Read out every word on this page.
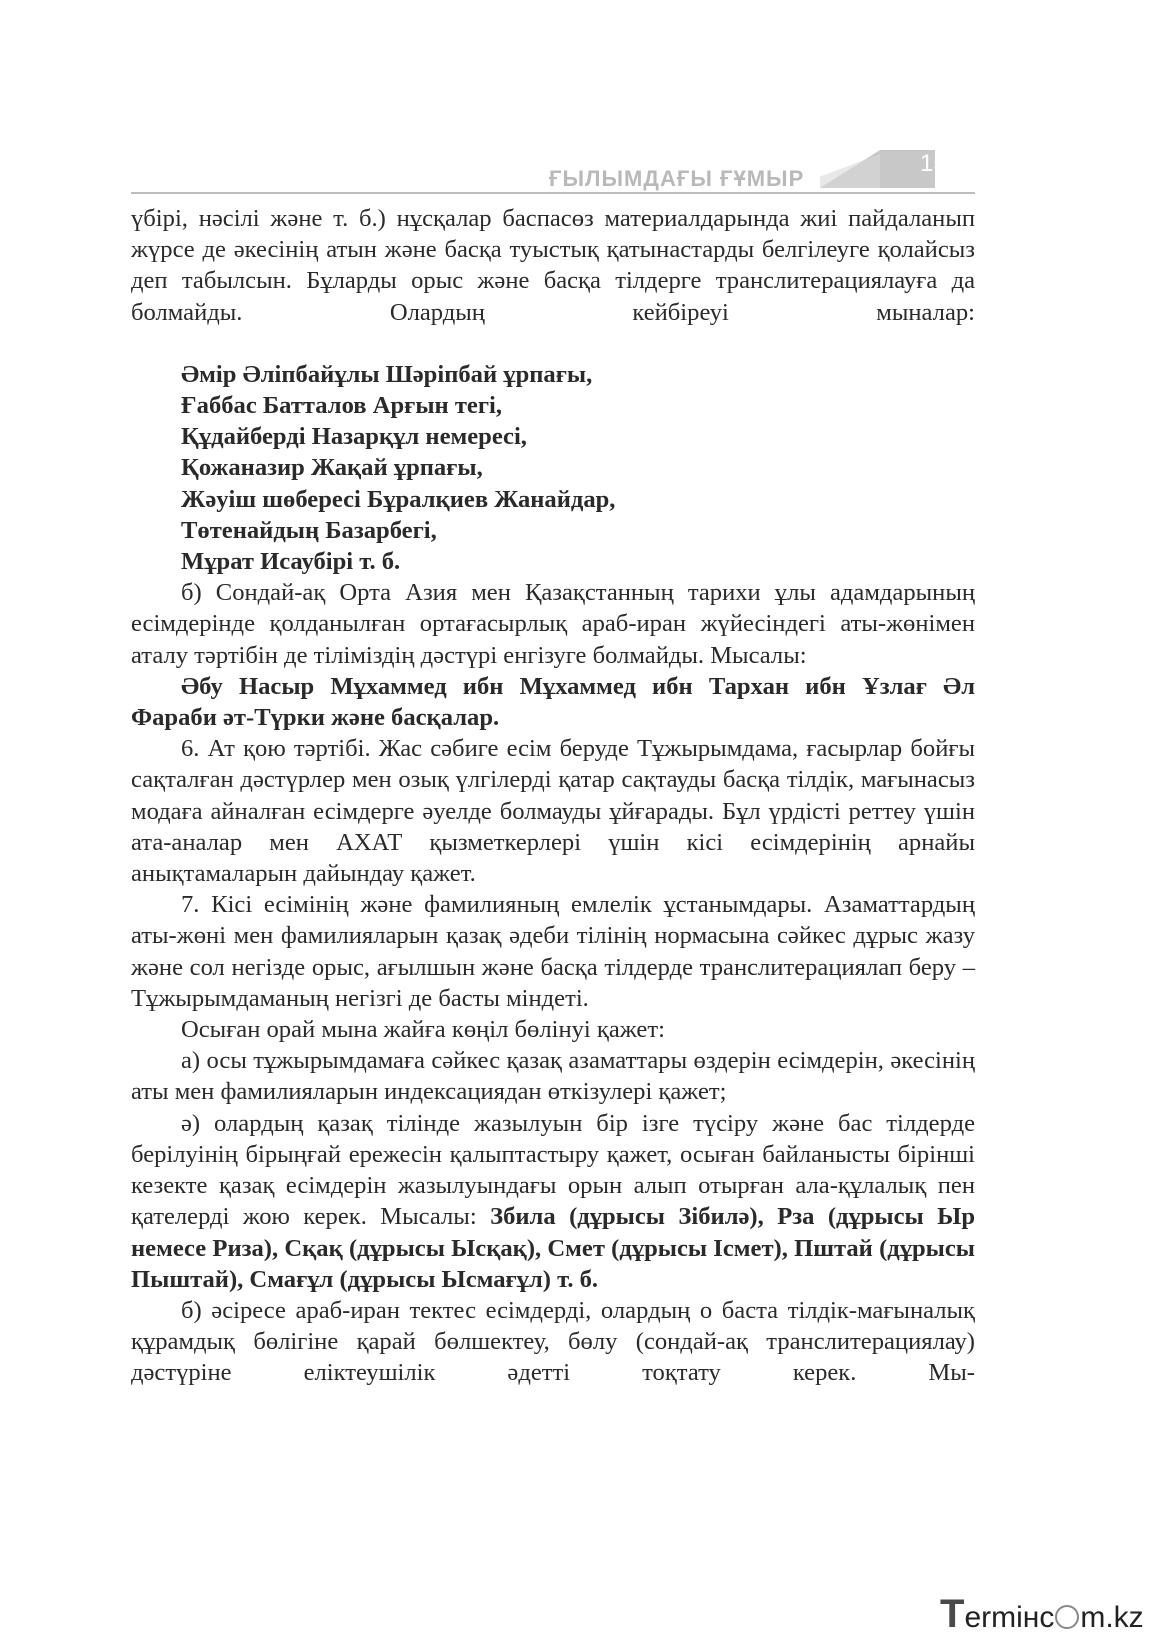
ҒЫЛЫМДАҒЫ ҒҰМЫР
153

үбірі, нәсілі және т. б.) нұсқалар баспасөз материалдарында жиі пайдаланып жүрсе де әкесінің атын және басқа туыстық қатынастарды белгілеуге қолайсыз деп табылсын. Бұларды орыс және басқа тілдерге транслитерациялауға да болмайды. Олардың кейбіреуі мыналар:

Әмір Әліпбайұлы Шәріпбай ұрпағы,
Ғаббас Батталов Арғын тегі,
Құдайберді Назарқұл немересі,
Қожаназир Жақай ұрпағы,
Жәуіш шөбересі Бұралқиев Жанайдар,
Төтенайдың Базарбегі,
Мұрат Исаубірі т. б.

б) Сондай-ақ Орта Азия мен Қазақстанның тарихи ұлы адамдарының есімдерінде қолданылған ортағасырлық араб-иран жүйесіндегі аты-жөнімен аталу тәртібін де тіліміздің дәстүрі енгізуге болмайды. Мысалы:

Әбу Насыр Мұхаммед ибн Мұхаммед ибн Тархан ибн Ұзлағ Әл Фараби әт-Түрки және басқалар.

6. Ат қою тәртібі. Жас сәбиге есім беруде Тұжырымдама, ғасырлар бойғы сақталған дәстүрлер мен озық үлгілерді қатар сақтауды басқа тілдік, мағынасыз модаға айналған есімдерге әуелде болмауды ұйғарады. Бұл үрдісті реттеу үшін ата-аналар мен АХАТ қызметкерлері үшін кісі есімдерінің арнайы анықтамаларын дайындау қажет.

7. Кісі есімінің және фамилияның емлелік ұстанымдары. Азаматтардың аты-жөні мен фамилияларын қазақ әдеби тілінің нормасына сәйкес дұрыс жазу және сол негізде орыс, ағылшын және басқа тілдерде транслитерациялап беру – Тұжырымдаманың негізгі де басты міндеті.

Осыған орай мына жайға көңіл бөлінуі қажет:

а) осы тұжырымдамаға сәйкес қазақ азаматтары өздерін есімдерін, әкесінің аты мен фамилияларын индексациядан өткізулері қажет;

ә) олардың қазақ тілінде жазылуын бір ізге түсіру және бас тілдерде берілуінің бірыңғай ережесін қалыптастыру қажет, осыған байланысты бірінші кезекте қазақ есімдерін жазылуындағы орын алып отырған ала-құлалық пен қателерді жою керек. Мысалы: Збила (дұрысы Зібилә), Рза (дұрысы Ыр немесе Риза), Сқақ (дұрысы Ысқақ), Смет (дұрысы Ісмет), Пштай (дұрысы Пыштай), Смағұл (дұрысы Ысмағұл) т. б.

б) әсіресе араб-иран тектес есімдерді, олардың о баста тілдік-мағыналық құрамдық бөлігіне қарай бөлшектеу, бөлу (сондай-ақ транслитерациялау) дәстүріне еліктеушілік әдетті тоқтату керек. Мы-

Termінc m.kz
